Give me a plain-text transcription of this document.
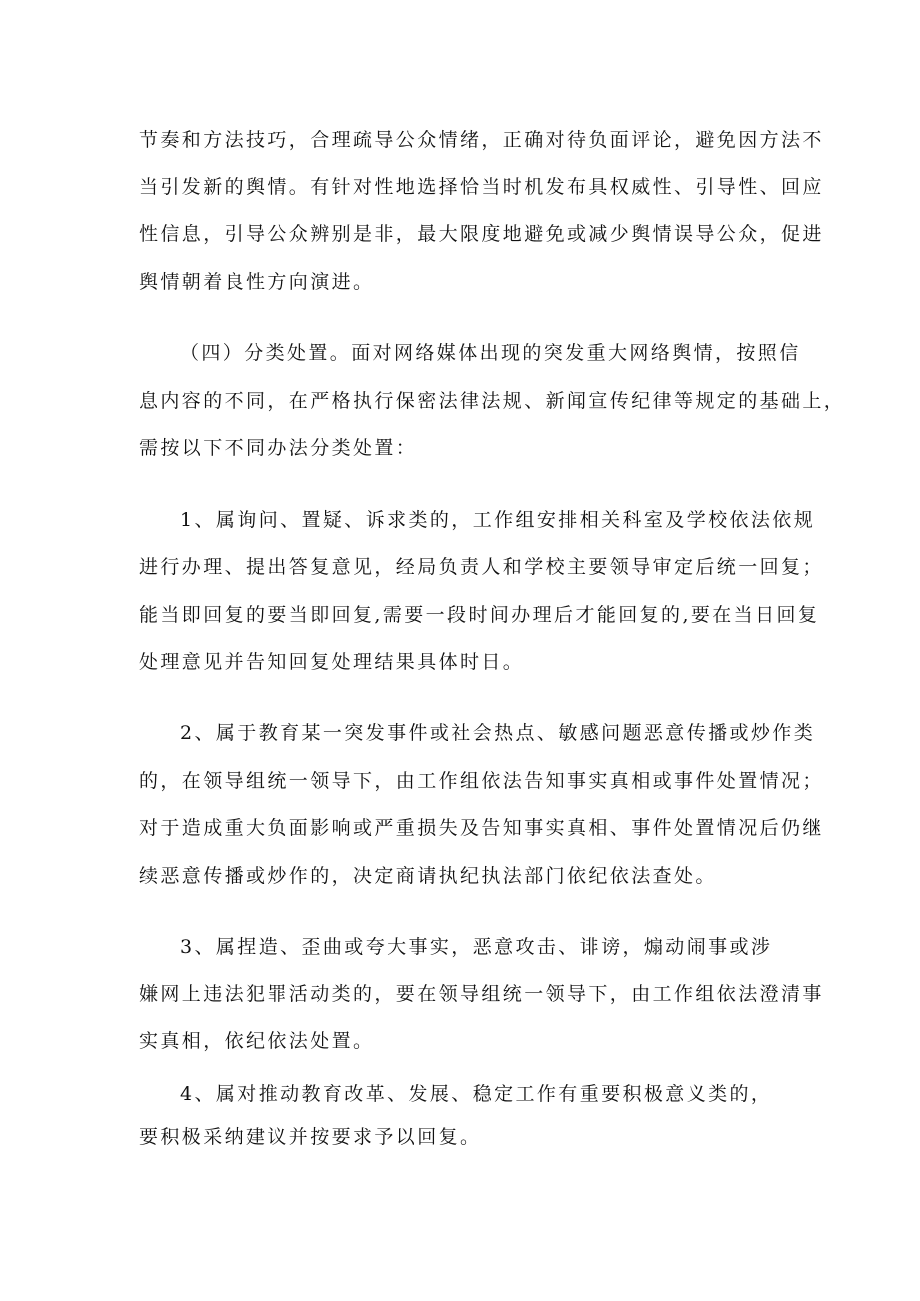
节奏和方法技巧，合理疏导公众情绪，正确对待负面评论，避免因方法不
当引发新的舆情。有针对性地选择恰当时机发布具权威性、引导性、回应
性信息，引导公众辨别是非，最大限度地避免或减少舆情误导公众，促进
舆情朝着良性方向演进。
（四）分类处置。面对网络媒体出现的突发重大网络舆情，按照信
息内容的不同，在严格执行保密法律法规、新闻宣传纪律等规定的基础上，
需按以下不同办法分类处置：
1、属询问、置疑、诉求类的，工作组安排相关科室及学校依法依规
进行办理、提出答复意见，经局负责人和学校主要领导审定后统一回复；
能当即回复的要当即回复,需要一段时间办理后才能回复的,要在当日回复
处理意见并告知回复处理结果具体时日。
2、属于教育某一突发事件或社会热点、敏感问题恶意传播或炒作类
的，在领导组统一领导下，由工作组依法告知事实真相或事件处置情况；
对于造成重大负面影响或严重损失及告知事实真相、事件处置情况后仍继
续恶意传播或炒作的，决定商请执纪执法部门依纪依法查处。
3、属捏造、歪曲或夸大事实，恶意攻击、诽谤，煽动闹事或涉
嫌网上违法犯罪活动类的，要在领导组统一领导下，由工作组依法澄清事
实真相，依纪依法处置。
4、属对推动教育改革、发展、稳定工作有重要积极意义类的，
要积极采纳建议并按要求予以回复。
